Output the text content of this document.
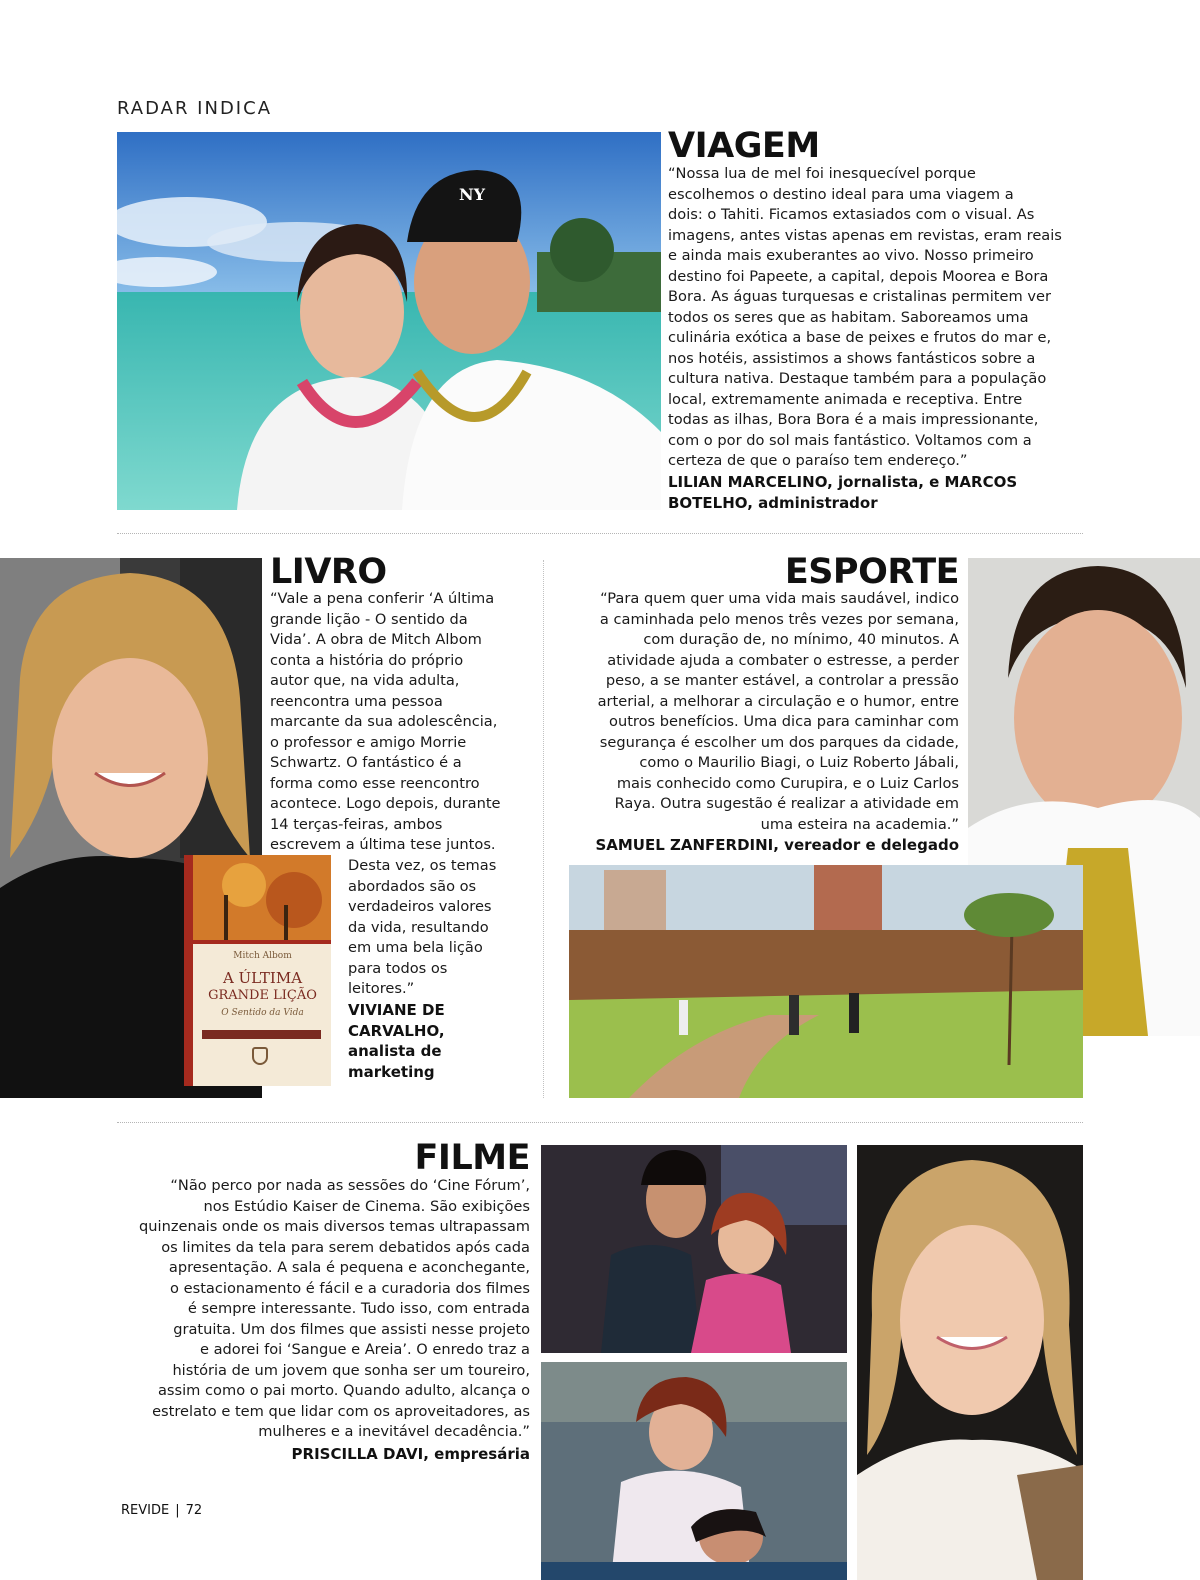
RADAR INDICA
NY
VIAGEM
“Nossa lua de mel foi inesquecível porque
escolhemos o destino ideal para uma viagem a
dois: o Tahiti. Ficamos extasiados com o visual. As
imagens, antes vistas apenas em revistas, eram reais
e ainda mais exuberantes ao vivo. Nosso primeiro
destino foi Papeete, a capital, depois Moorea e Bora
Bora. As águas turquesas e cristalinas permitem ver
todos os seres que as habitam. Saboreamos uma
culinária exótica a base de peixes e frutos do mar e,
nos hotéis, assistimos a shows fantásticos sobre a
cultura nativa. Destaque também para a população
local, extremamente animada e receptiva. Entre
todas as ilhas, Bora Bora é a mais impressionante,
com o por do sol mais fantástico. Voltamos com a
certeza de que o paraíso tem endereço.”
LILIAN MARCELINO, jornalista, e MARCOS
BOTELHO, administrador
Mitch Albom
A ÚLTIMA
GRANDE LIÇÃO
O Sentido da Vida
LIVRO
“Vale a pena conferir ‘A última
grande lição - O sentido da
Vida’. A obra de Mitch Albom
conta a história do próprio
autor que, na vida adulta,
reencontra uma pessoa
marcante da sua adolescência,
o professor e amigo Morrie
Schwartz. O fantástico é a
forma como esse reencontro
acontece. Logo depois, durante
14 terças-feiras, ambos
escrevem a última tese juntos.
Desta vez, os temas
abordados são os
verdadeiros valores
da vida, resultando
em uma bela lição
para todos os
leitores.”
VIVIANE DE
CARVALHO,
analista de
marketing
ESPORTE
“Para quem quer uma vida mais saudável, indico
a caminhada pelo menos três vezes por semana,
com duração de, no mínimo, 40 minutos. A
atividade ajuda a combater o estresse, a perder
peso, a se manter estável, a controlar a pressão
arterial, a melhorar a circulação e o humor, entre
outros benefícios. Uma dica para caminhar com
segurança é escolher um dos parques da cidade,
como o Maurilio Biagi, o Luiz Roberto Jábali,
mais conhecido como Curupira, e o Luiz Carlos
Raya. Outra sugestão é realizar a atividade em
uma esteira na academia.”
SAMUEL ZANFERDINI, vereador e delegado
FILME
“Não perco por nada as sessões do ‘Cine Fórum’,
nos Estúdio Kaiser de Cinema. São exibições
quinzenais onde os mais diversos temas ultrapassam
os limites da tela para serem debatidos após cada
apresentação. A sala é pequena e aconchegante,
o estacionamento é fácil e a curadoria dos filmes
é sempre interessante. Tudo isso, com entrada
gratuita. Um dos filmes que assisti nesse projeto
e adorei foi ‘Sangue e Areia’. O enredo traz a
história de um jovem que sonha ser um toureiro,
assim como o pai morto. Quando adulto, alcança o
estrelato e tem que lidar com os aproveitadores, as
mulheres e a inevitável decadência.”
PRISCILLA DAVI, empresária
REVIDE | 72
